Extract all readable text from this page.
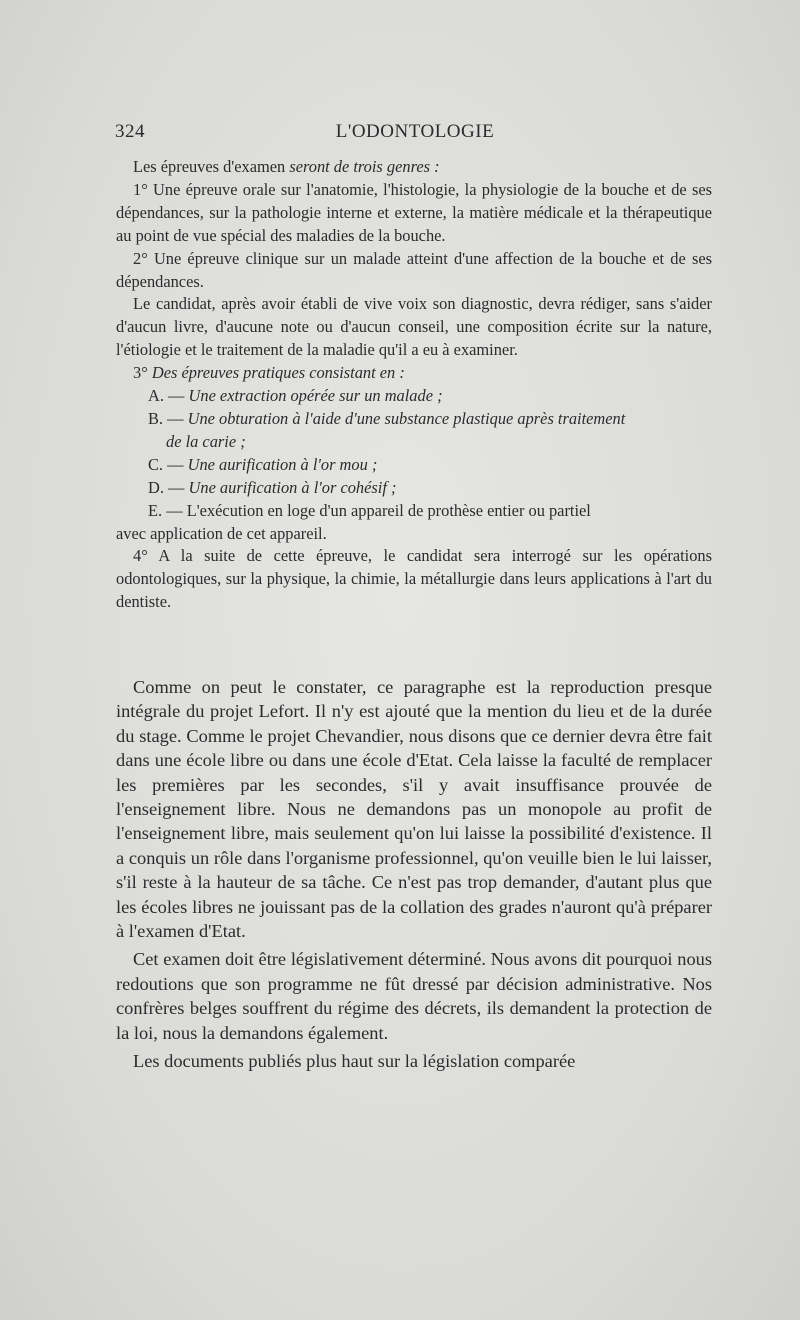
324	L'ODONTOLOGIE

Les épreuves d'examen seront de trois genres :

1° Une épreuve orale sur l'anatomie, l'histologie, la physiologie de la bouche et de ses dépendances, sur la pathologie interne et externe, la matière médicale et la thérapeutique au point de vue spécial des maladies de la bouche.

2° Une épreuve clinique sur un malade atteint d'une affection de la bouche et de ses dépendances.

Le candidat, après avoir établi de vive voix son diagnostic, devra rédiger, sans s'aider d'aucun livre, d'aucune note ou d'aucun conseil, une composition écrite sur la nature, l'étiologie et le traitement de la maladie qu'il a eu à examiner.

3° Des épreuves pratiques consistant en :

A. — Une extraction opérée sur un malade ;

B. — Une obturation à l'aide d'une substance plastique après traitement

de la carie ;

C. — Une aurification à l'or mou ;

D. — Une aurification à l'or cohésif ;

E. — L'exécution en loge d'un appareil de prothèse entier ou partiel

avec application de cet appareil.

4° A la suite de cette épreuve, le candidat sera interrogé sur les opérations odontologiques, sur la physique, la chimie, la métallurgie dans leurs applications à l'art du dentiste.

Comme on peut le constater, ce paragraphe est la reproduction presque intégrale du projet Lefort. Il n'y est ajouté que la mention du lieu et de la durée du stage. Comme le projet Chevandier, nous disons que ce dernier devra être fait dans une école libre ou dans une école d'Etat. Cela laisse la faculté de remplacer les premières par les secondes, s'il y avait insuffisance prouvée de l'enseignement libre. Nous ne demandons pas un monopole au profit de l'enseignement libre, mais seulement qu'on lui laisse la possibilité d'existence. Il a conquis un rôle dans l'organisme professionnel, qu'on veuille bien le lui laisser, s'il reste à la hauteur de sa tâche. Ce n'est pas trop demander, d'autant plus que les écoles libres ne jouissant pas de la collation des grades n'auront qu'à préparer à l'examen d'Etat.

Cet examen doit être législativement déterminé. Nous avons dit pourquoi nous redoutions que son programme ne fût dressé par décision administrative. Nos confrères belges souffrent du régime des décrets, ils demandent la protection de la loi, nous la demandons également.

Les documents publiés plus haut sur la législation comparée
